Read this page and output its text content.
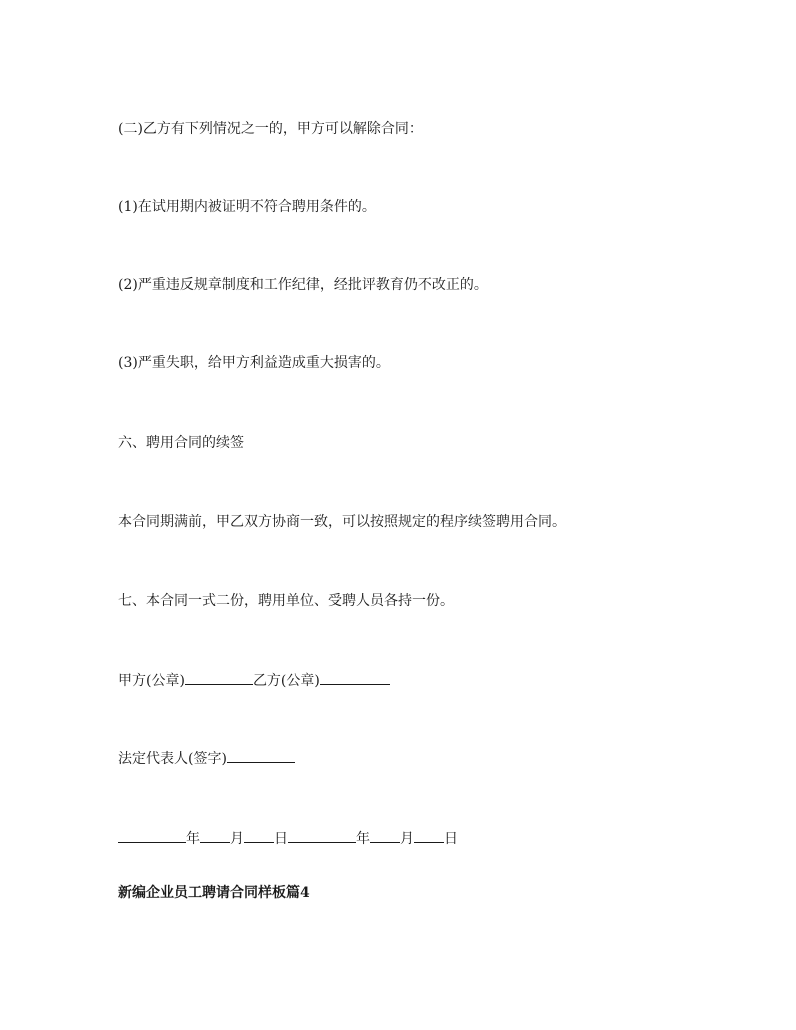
(二)乙方有下列情况之一的，甲方可以解除合同：
(1)在试用期内被证明不符合聘用条件的。
(2)严重违反规章制度和工作纪律，经批评教育仍不改正的。
(3)严重失职，给甲方利益造成重大损害的。
六、聘用合同的续签
本合同期满前，甲乙双方协商一致，可以按照规定的程序续签聘用合同。
七、本合同一式二份，聘用单位、受聘人员各持一份。
甲方(公章)	乙方(公章)
法定代表人(签字)
年 月 日	年 月 日
新编企业员工聘请合同样板篇4
